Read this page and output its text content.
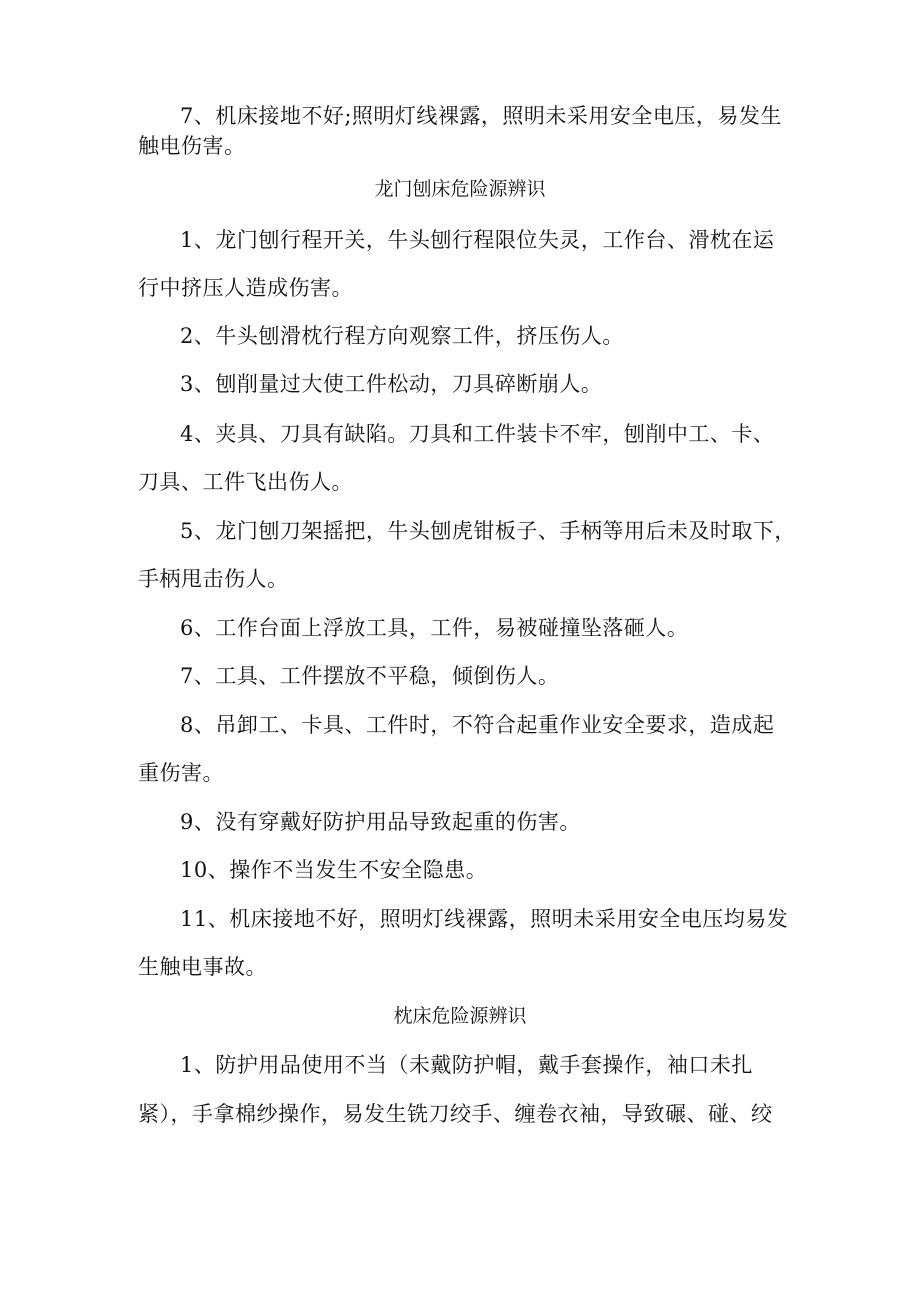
7、机床接地不好;照明灯线裸露，照明未采用安全电压，易发生
触电伤害。
龙门刨床危险源辨识
1、龙门刨行程开关，牛头刨行程限位失灵，工作台、滑枕在运
行中挤压人造成伤害。
2、牛头刨滑枕行程方向观察工件，挤压伤人。
3、刨削量过大使工件松动，刀具碎断崩人。
4、夹具、刀具有缺陷。刀具和工件装卡不牢，刨削中工、卡、
刀具、工件飞出伤人。
5、龙门刨刀架摇把，牛头刨虎钳板子、手柄等用后未及时取下，
手柄甩击伤人。
6、工作台面上浮放工具，工件，易被碰撞坠落砸人。
7、工具、工件摆放不平稳，倾倒伤人。
8、吊卸工、卡具、工件时，不符合起重作业安全要求，造成起
重伤害。
9、没有穿戴好防护用品导致起重的伤害。
10、操作不当发生不安全隐患。
11、机床接地不好，照明灯线裸露，照明未采用安全电压均易发
生触电事故。
枕床危险源辨识
1、防护用品使用不当（未戴防护帽，戴手套操作，袖口未扎
紧），手拿棉纱操作，易发生铣刀绞手、缠卷衣袖，导致碾、碰、绞
